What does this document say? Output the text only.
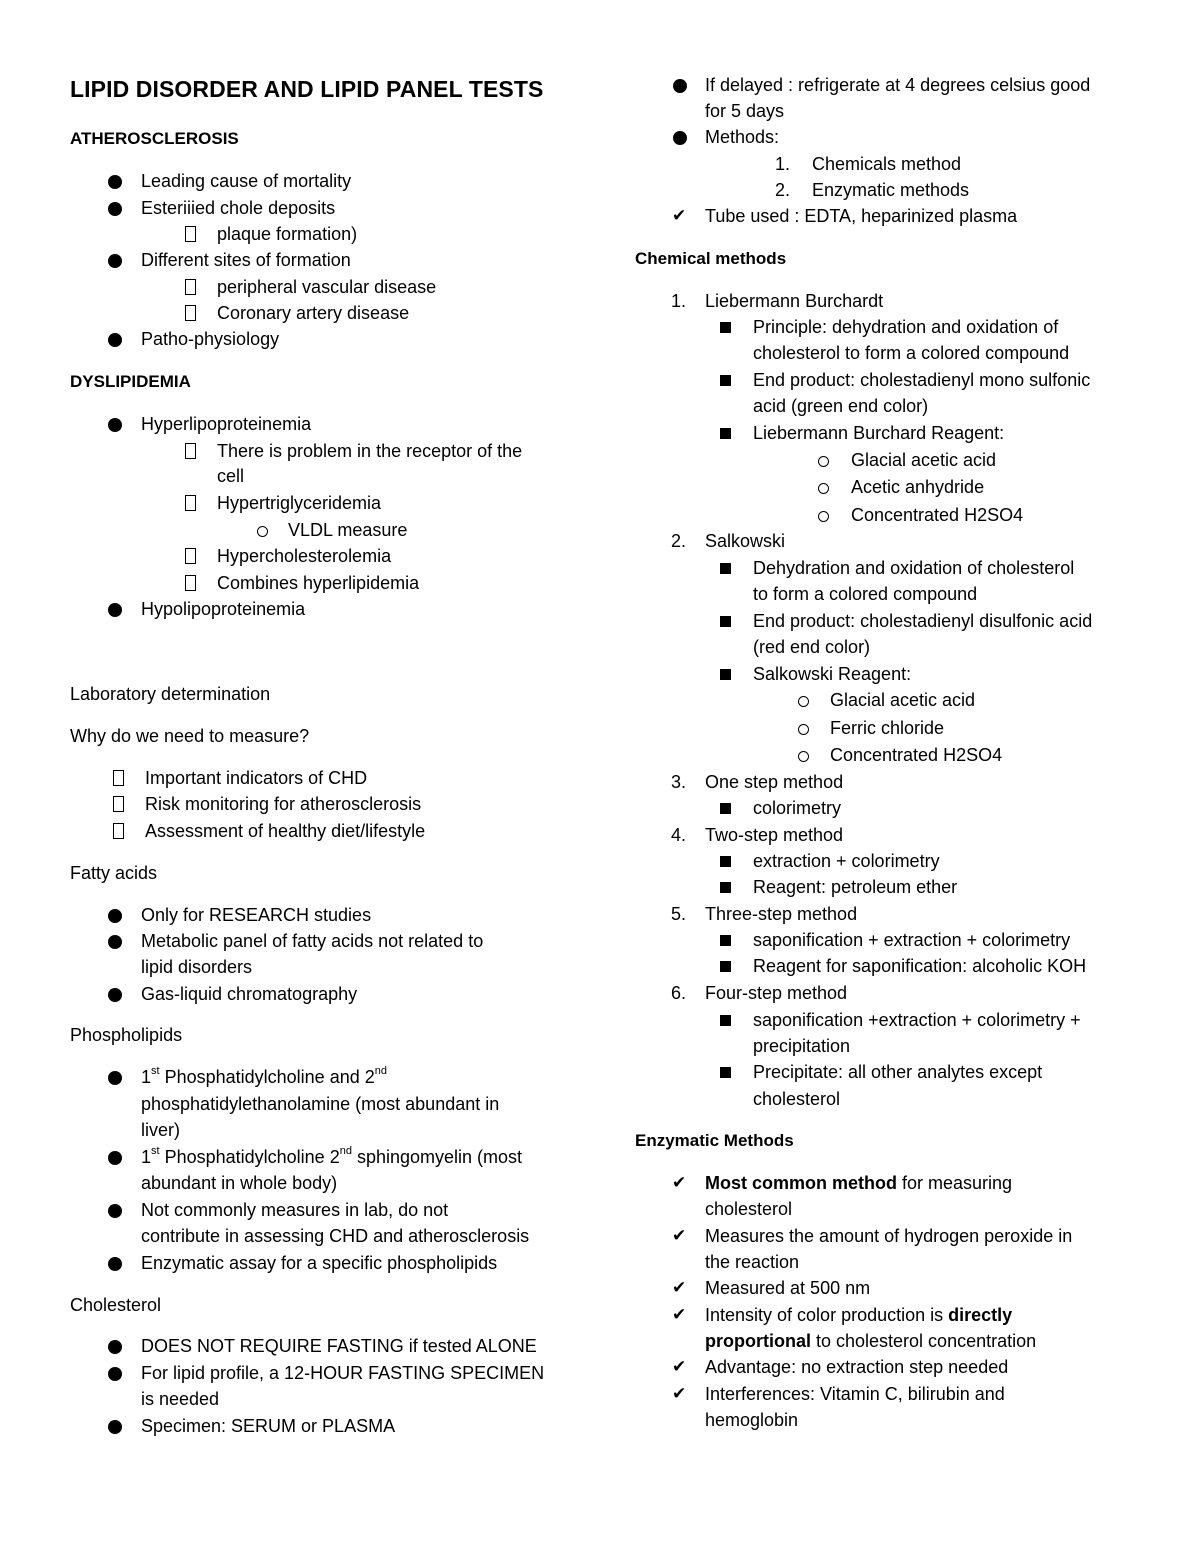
LIPID DISORDER AND LIPID PANEL TESTS
ATHEROSCLEROSIS
Leading cause of mortality
Esteriiied chole deposits
plaque formation)
Different sites of formation
peripheral vascular disease
Coronary artery disease
Patho-physiology
DYSLIPIDEMIA
Hyperlipoproteinemia
There is problem in the receptor of the
cell
Hypertriglyceridemia
VLDL measure
Hypercholesterolemia
Combines hyperlipidemia
Hypolipoproteinemia
Laboratory determination
Why do we need to measure?
Important indicators of CHD
Risk monitoring for atherosclerosis
Assessment of healthy diet/lifestyle
Fatty acids
Only for RESEARCH studies
Metabolic panel of fatty acids not related to
lipid disorders
Gas-liquid chromatography
Phospholipids
1st Phosphatidylcholine and 2nd
phosphatidylethanolamine (most abundant in
liver)
1st Phosphatidylcholine 2nd sphingomyelin (most
abundant in whole body)
Not commonly measures in lab, do not
contribute in assessing CHD and atherosclerosis
Enzymatic assay for a specific phospholipids
Cholesterol
DOES NOT REQUIRE FASTING if tested ALONE
For lipid profile, a 12-HOUR FASTING SPECIMEN
is needed
Specimen: SERUM or PLASMA
If delayed : refrigerate at 4 degrees celsius good
for 5 days
Methods:
1. Chemicals method
2. Enzymatic methods
✔ Tube used : EDTA, heparinized plasma
Chemical methods
1. Liebermann Burchardt
Principle: dehydration and oxidation of
cholesterol to form a colored compound
End product: cholestadienyl mono sulfonic
acid (green end color)
Liebermann Burchard Reagent:
Glacial acetic acid
Acetic anhydride
Concentrated H2SO4
2. Salkowski
Dehydration and oxidation of cholesterol
to form a colored compound
End product: cholestadienyl disulfonic acid
(red end color)
Salkowski Reagent:
Glacial acetic acid
Ferric chloride
Concentrated H2SO4
3. One step method
colorimetry
4. Two-step method
extraction + colorimetry
Reagent: petroleum ether
5. Three-step method
saponification + extraction + colorimetry
Reagent for saponification: alcoholic KOH
6. Four-step method
saponification +extraction + colorimetry +
precipitation
Precipitate: all other analytes except
cholesterol
Enzymatic Methods
✔ Most common method for measuring
cholesterol
✔ Measures the amount of hydrogen peroxide in
the reaction
✔ Measured at 500 nm
✔ Intensity of color production is directly
proportional to cholesterol concentration
✔ Advantage: no extraction step needed
✔ Interferences: Vitamin C, bilirubin and
hemoglobin
